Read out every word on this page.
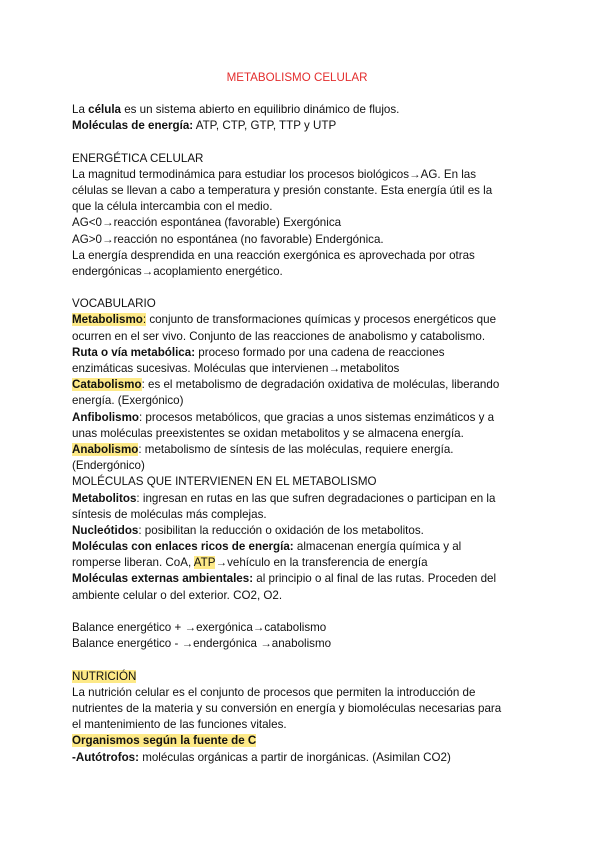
METABOLISMO CELULAR
La célula es un sistema abierto en equilibrio dinámico de flujos.
Moléculas de energía: ATP, CTP, GTP, TTP y UTP
ENERGÉTICA CELULAR
La magnitud termodinámica para estudiar los procesos biológicos→AG. En las
células se llevan a cabo a temperatura y presión constante. Esta energía útil es la
que la célula intercambia con el medio.
AG<0→reacción espontánea (favorable) Exergónica
AG>0→reacción no espontánea (no favorable) Endergónica.
La energía desprendida en una reacción exergónica es aprovechada por otras
endergónicas→acoplamiento energético.
VOCABULARIO
Metabolismo: conjunto de transformaciones químicas y procesos energéticos que
ocurren en el ser vivo. Conjunto de las reacciones de anabolismo y catabolismo.
Ruta o vía metabólica: proceso formado por una cadena de reacciones
enzimáticas sucesivas. Moléculas que intervienen→metabolitos
Catabolismo: es el metabolismo de degradación oxidativa de moléculas, liberando
energía. (Exergónico)
Anfibolismo: procesos metabólicos, que gracias a unos sistemas enzimáticos y a
unas moléculas preexistentes se oxidan metabolitos y se almacena energía.
Anabolismo: metabolismo de síntesis de las moléculas, requiere energía.
(Endergónico)
MOLÉCULAS QUE INTERVIENEN EN EL METABOLISMO
Metabolitos: ingresan en rutas en las que sufren degradaciones o participan en la
síntesis de moléculas más complejas.
Nucleótidos: posibilitan la reducción o oxidación de los metabolitos.
Moléculas con enlaces ricos de energía: almacenan energía química y al
romperse liberan. CoA, ATP→vehículo en la transferencia de energía
Moléculas externas ambientales: al principio o al final de las rutas. Proceden del
ambiente celular o del exterior. CO2, O2.
Balance energético + →exergónica→catabolismo
Balance energético - →endergónica →anabolismo
NUTRICIÓN
La nutrición celular es el conjunto de procesos que permiten la introducción de
nutrientes de la materia y su conversión en energía y biomoléculas necesarias para
el mantenimiento de las funciones vitales.
Organismos según la fuente de C
-Autótrofos: moléculas orgánicas a partir de inorgánicas. (Asimilan CO2)
